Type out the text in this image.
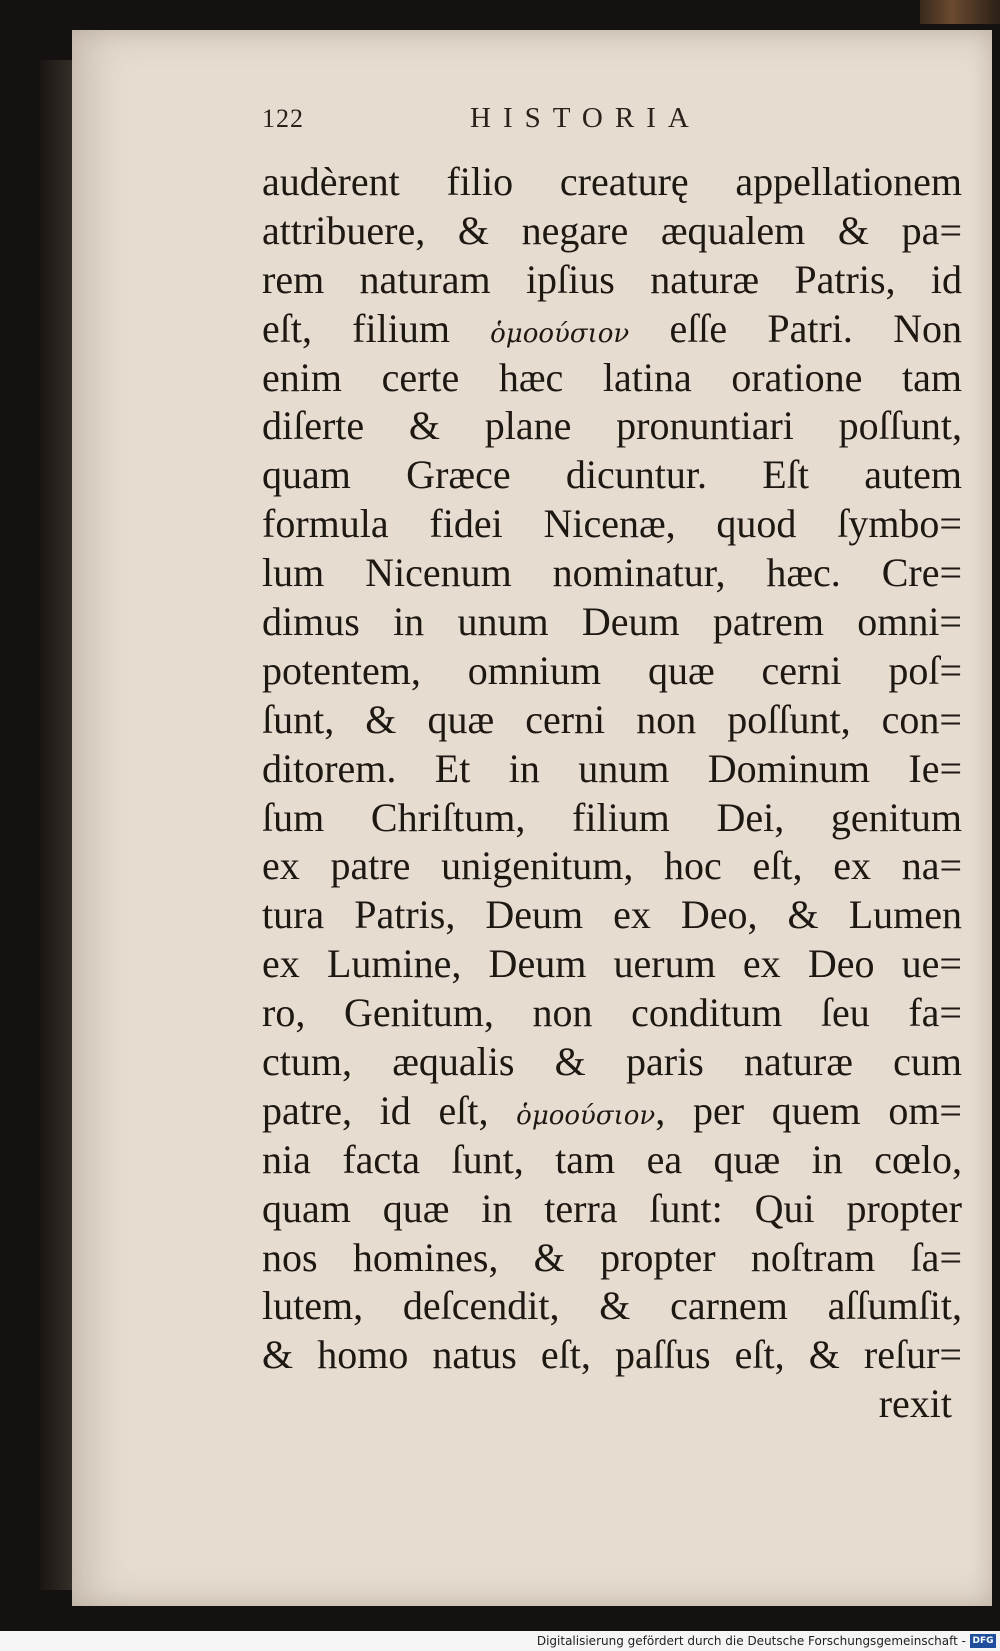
122	HISTORIA
audèrent filio creaturę appellationem
attribuere, & negare æqualem & pa=
rem naturam ipſius naturæ Patris, id
eſt, filium ὁμοούσιον eſſe Patri. Non
enim certe hæc latina oratione tam
diſerte & plane pronuntiari poſſunt,
quam Græce dicuntur. Eſt autem
formula fidei Nicenæ, quod ſymbo=
lum Nicenum nominatur, hæc. Cre=
dimus in unum Deum patrem omni=
potentem, omnium quæ cerni poſ=
ſunt, & quæ cerni non poſſunt, con=
ditorem. Et in unum Dominum Ie=
ſum Chriſtum, filium Dei, genitum
ex patre unigenitum, hoc eſt, ex na=
tura Patris, Deum ex Deo, & Lumen
ex Lumine, Deum uerum ex Deo ue=
ro, Genitum, non conditum ſeu fa=
ctum, æqualis & paris naturæ cum
patre, id eſt, ὁμοούσιον, per quem om=
nia facta ſunt, tam ea quæ in cœlo,
quam quæ in terra ſunt: Qui propter
nos homines, & propter noſtram ſa=
lutem, deſcendit, & carnem aſſumſit,
& homo natus eſt, paſſus eſt, & reſur=
rexit
Digitalisierung gefördert durch die Deutsche Forschungsgemeinschaft - DFG
